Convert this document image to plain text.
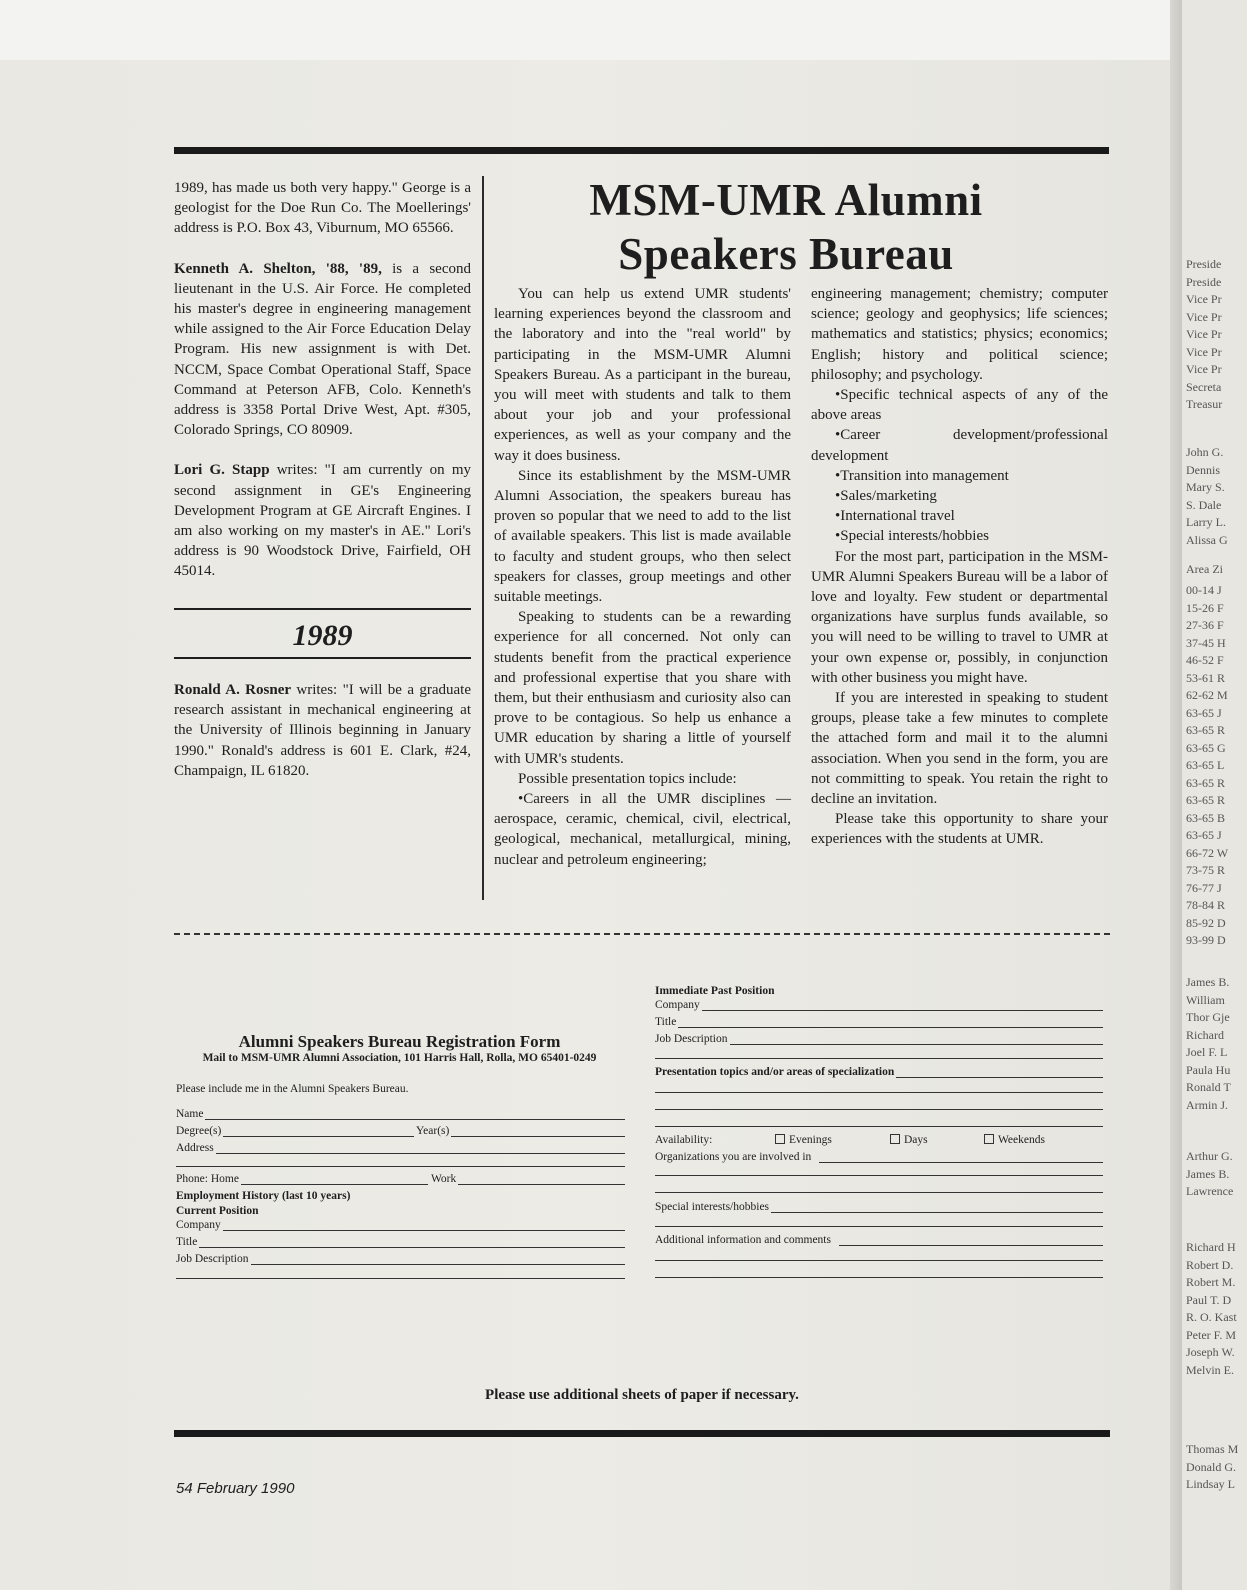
1989, has made us both very happy." George is a geologist for the Doe Run Co. The Moellerings' address is P.O. Box 43, Viburnum, MO 65566.

Kenneth A. Shelton, '88, '89, is a second lieutenant in the U.S. Air Force. He completed his master's degree in engineering management while assigned to the Air Force Education Delay Program. His new assignment is with Det. NCCM, Space Combat Operational Staff, Space Command at Peterson AFB, Colo. Kenneth's address is 3358 Portal Drive West, Apt. #305, Colorado Springs, CO 80909.

Lori G. Stapp writes: "I am currently on my second assignment in GE's Engineering Development Program at GE Aircraft Engines. I am also working on my master's in AE." Lori's address is 90 Woodstock Drive, Fairfield, OH 45014.

1989

Ronald A. Rosner writes: "I will be a graduate research assistant in mechanical engineering at the University of Illinois beginning in January 1990." Ronald's address is 601 E. Clark, #24, Champaign, IL 61820.

MSM-UMR Alumni
Speakers Bureau

You can help us extend UMR students' learning experiences beyond the classroom and the laboratory and into the "real world" by participating in the MSM-UMR Alumni Speakers Bureau. As a participant in the bureau, you will meet with students and talk to them about your job and your professional experiences, as well as your company and the way it does business.

Since its establishment by the MSM-UMR Alumni Association, the speakers bureau has proven so popular that we need to add to the list of available speakers. This list is made available to faculty and student groups, who then select speakers for classes, group meetings and other suitable meetings.

Speaking to students can be a rewarding experience for all concerned. Not only can students benefit from the practical experience and professional expertise that you share with them, but their enthusiasm and curiosity also can prove to be contagious. So help us enhance a UMR education by sharing a little of yourself with UMR's students.

Possible presentation topics include:

•Careers in all the UMR disciplines — aerospace, ceramic, chemical, civil, electrical, geological, mechanical, metallurgical, mining, nuclear and petroleum engineering;

engineering management; chemistry; computer science; geology and geophysics; life sciences; mathematics and statistics; physics; economics; English; history and political science; philosophy; and psychology.

•Specific technical aspects of any of the above areas

•Career development/professional development

•Transition into management

•Sales/marketing

•International travel

•Special interests/hobbies

For the most part, participation in the MSM-UMR Alumni Speakers Bureau will be a labor of love and loyalty. Few student or departmental organizations have surplus funds available, so you will need to be willing to travel to UMR at your own expense or, possibly, in conjunction with other business you might have.

If you are interested in speaking to student groups, please take a few minutes to complete the attached form and mail it to the alumni association. When you send in the form, you are not committing to speak. You retain the right to decline an invitation.

Please take this opportunity to share your experiences with the students at UMR.

Alumni Speakers Bureau Registration Form
Mail to MSM-UMR Alumni Association, 101 Harris Hall, Rolla, MO 65401-0249
Please include me in the Alumni Speakers Bureau.
Name
Degree(s)	Year(s)
Address
Phone: Home	Work
Employment History (last 10 years)
Current Position
Company
Title
Job Description
Immediate Past Position
Company
Title
Job Description
Presentation topics and/or areas of specialization
Availability:	Evenings	Days	Weekends
Organizations you are involved in
Special interests/hobbies
Additional information and comments
Please use additional sheets of paper if necessary.
54 February 1990
Preside
Preside
Vice Pr
Vice Pr
Vice Pr
Vice Pr
Vice Pr
Secreta
Treasur
John G.
Dennis
Mary S.
S. Dale
Larry L.
Alissa G
Area Zi
00-14 J
15-26 F
27-36 F
37-45 H
46-52 F
53-61 R
62-62 M
63-65 J
63-65 R
63-65 G
63-65 L
63-65 R
63-65 R
63-65 B
63-65 J
66-72 W
73-75 R
76-77 J
78-84 R
85-92 D
93-99 D
James B.
William
Thor Gje
Richard
Joel F. L
Paula Hu
Ronald T
Armin J.
Arthur G.
James B.
Lawrence
Richard H
Robert D.
Robert M.
Paul T. D
R. O. Kast
Peter F. M
Joseph W.
Melvin E.
Thomas M
Donald G.
Lindsay L
